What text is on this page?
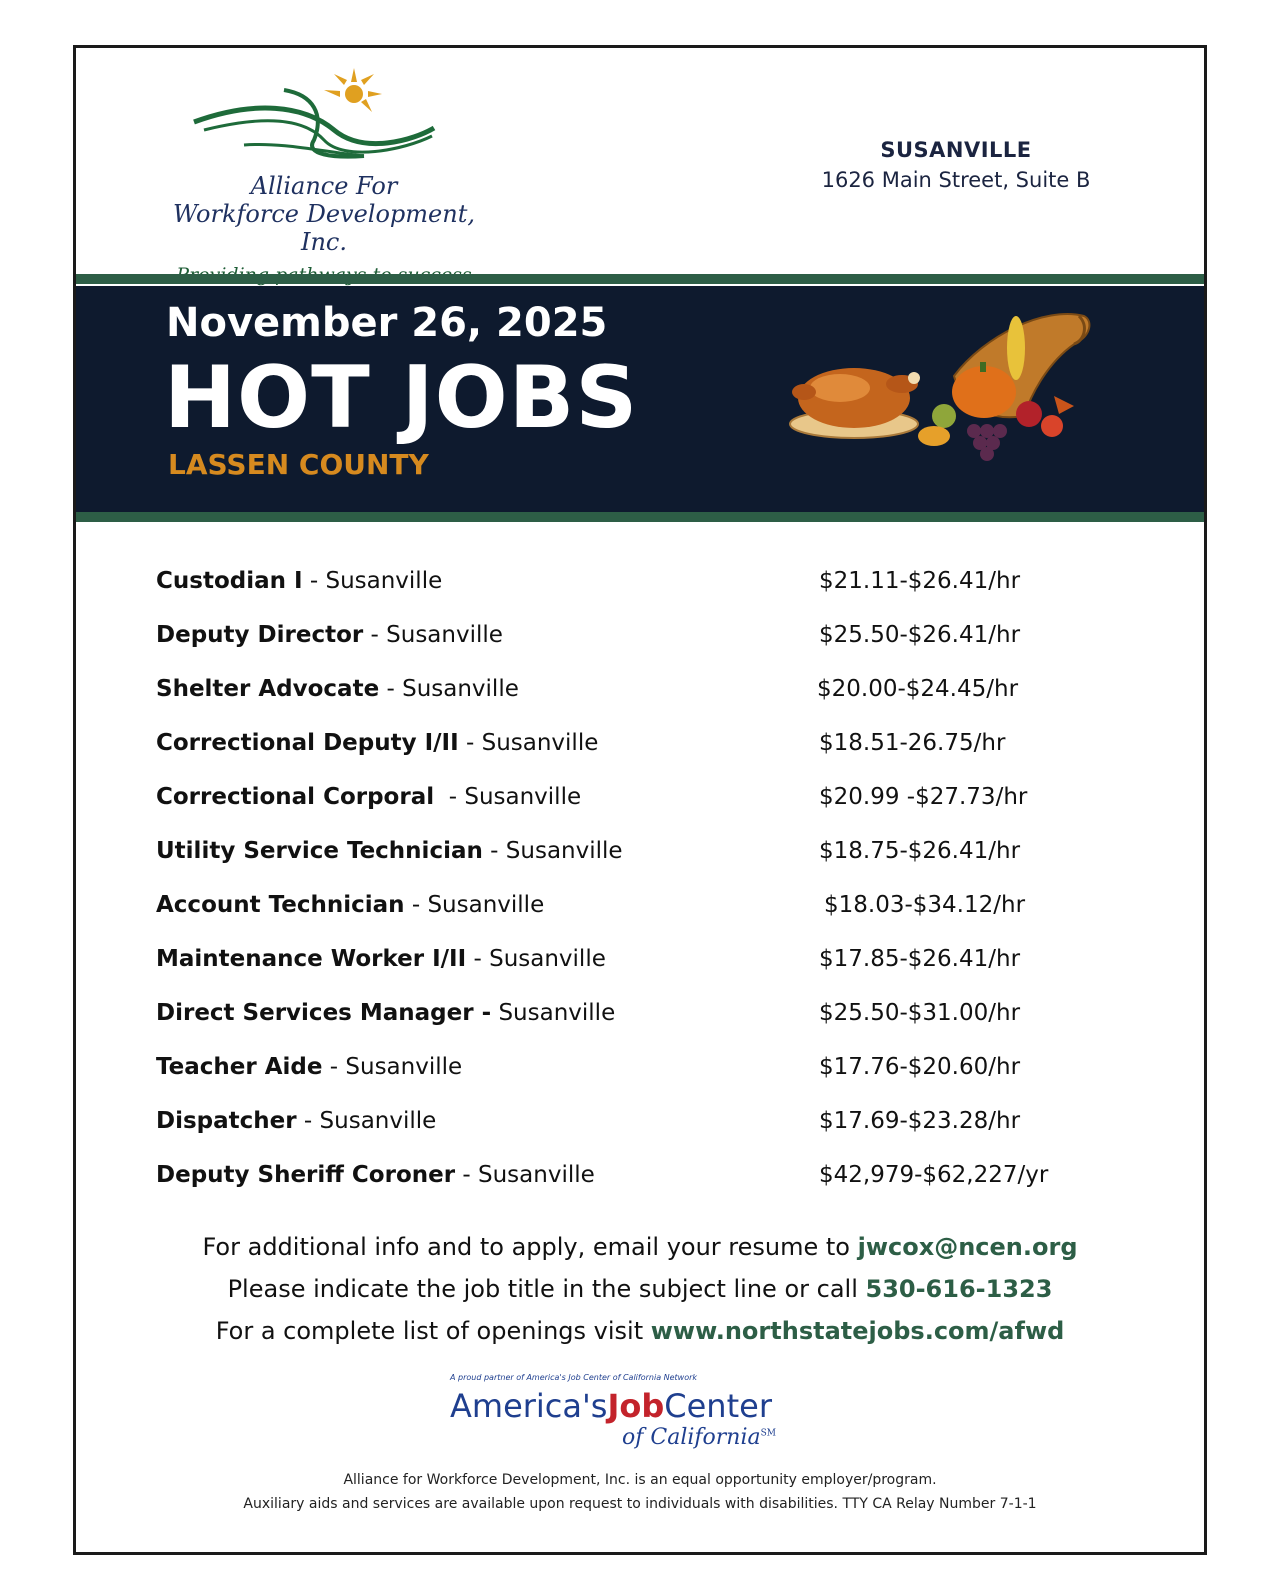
Alliance For
Workforce Development, Inc.
SUSANVILLE
1626 Main Street, Suite B
November 26, 2025
HOT JOBS
LASSEN COUNTY
Custodian I - Susanville	$21.11-$26.41/hr
Deputy Director - Susanville	$25.50-$26.41/hr
Shelter Advocate - Susanville	$20.00-$24.45/hr
Correctional Deputy I/II - Susanville	$18.51-26.75/hr
Correctional Corporal  - Susanville	$20.99 -$27.73/hr
Utility Service Technician - Susanville	$18.75-$26.41/hr
Account Technician - Susanville	$18.03-$34.12/hr
Maintenance Worker I/II - Susanville	$17.85-$26.41/hr
Direct Services Manager - Susanville	$25.50-$31.00/hr
Teacher Aide - Susanville	$17.76-$20.60/hr
Dispatcher - Susanville	$17.69-$23.28/hr
Deputy Sheriff Coroner - Susanville	$42,979-$62,227/yr
For additional info and to apply, email your resume to jwcox@ncen.org
Please indicate the job title in the subject line or call 530-616-1323
For a complete list of openings visit www.northstatejobs.com/afwd
A proud partner of America's Job Center of California Network
America'sJobCenter
of California℠
Alliance for Workforce Development, Inc. is an equal opportunity employer/program.
Auxiliary aids and services are available upon request to individuals with disabilities. TTY CA Relay Number 7-1-1
